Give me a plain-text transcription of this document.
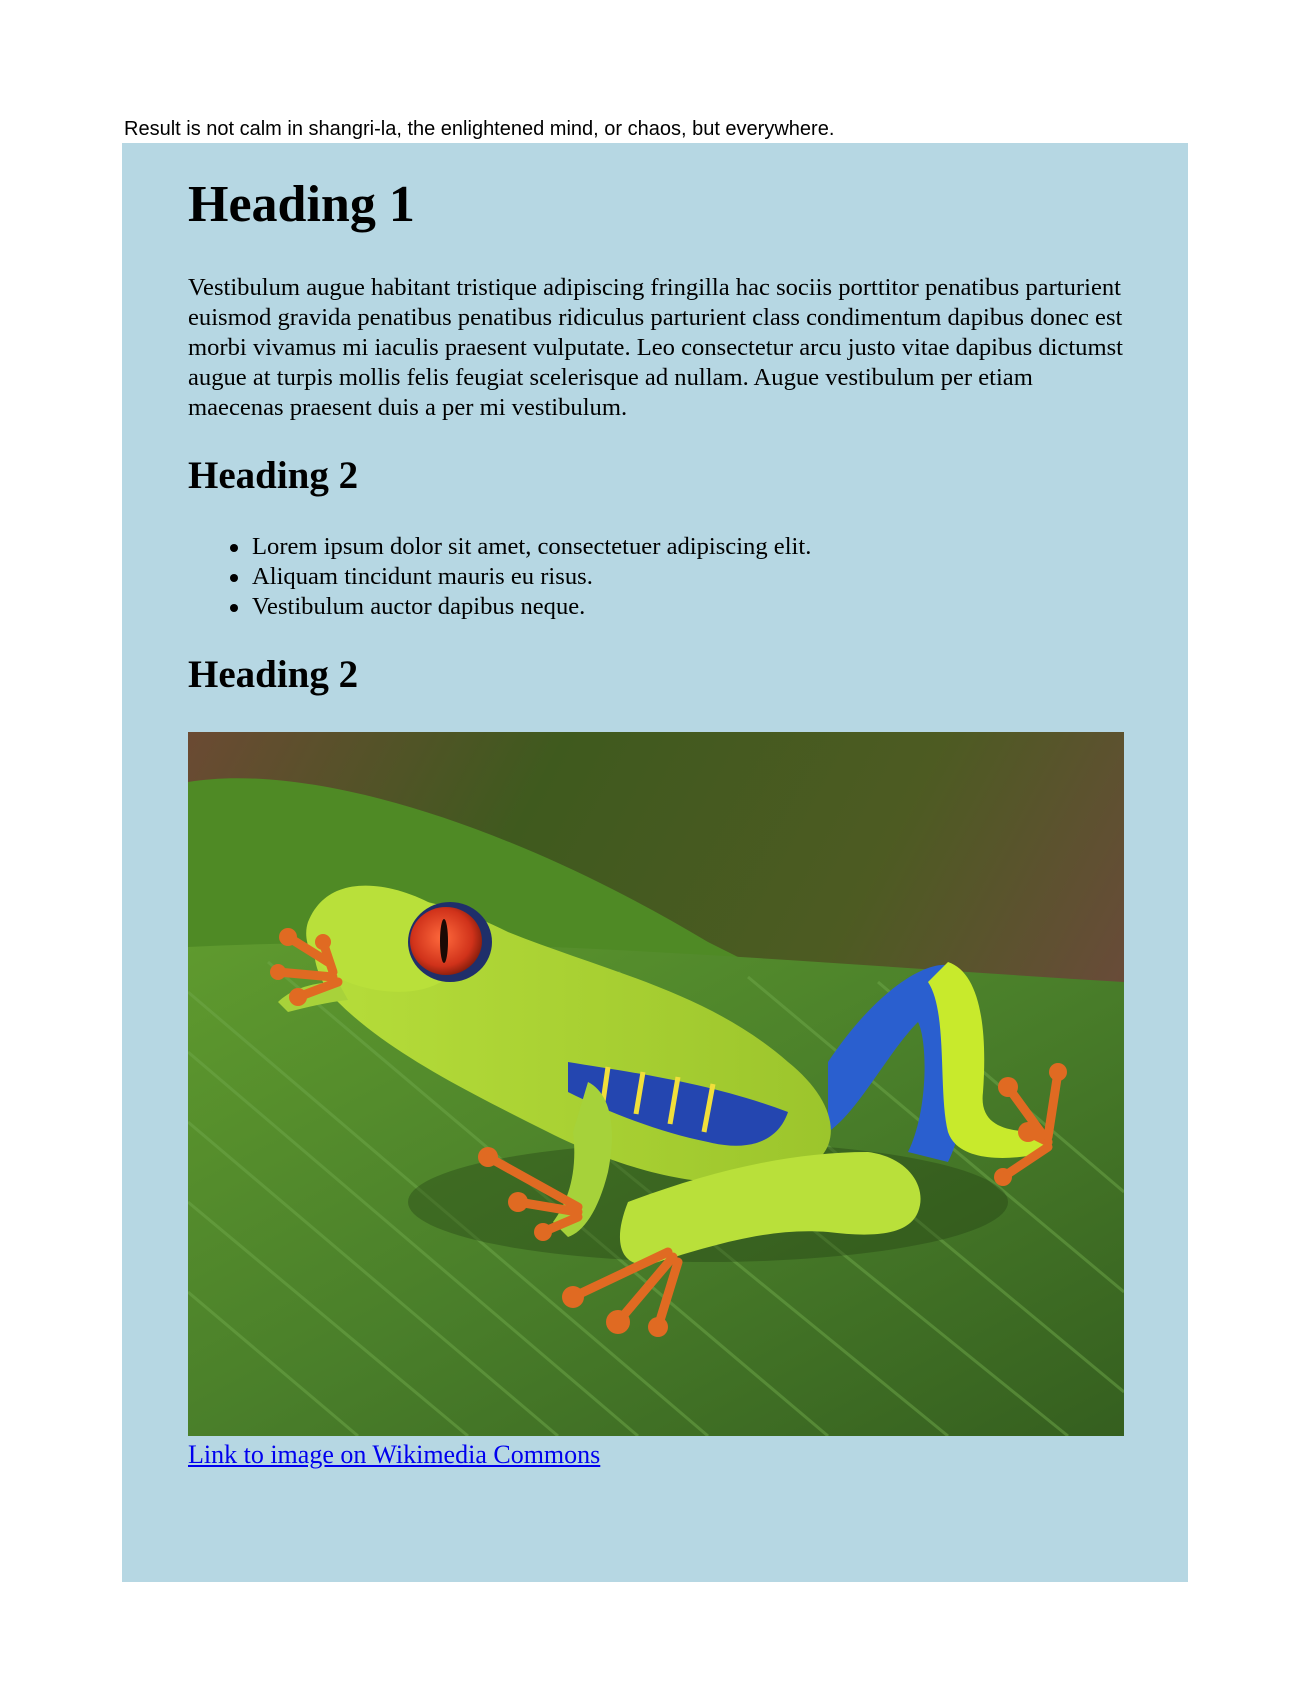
Result is not calm in shangri-la, the enlightened mind, or chaos, but everywhere.
Heading 1

Vestibulum augue habitant tristique adipiscing fringilla hac sociis porttitor penatibus parturient euismod gravida penatibus penatibus ridiculus parturient class condimentum dapibus donec est morbi vivamus mi iaculis praesent vulputate. Leo consectetur arcu justo vitae dapibus dictumst augue at turpis mollis felis feugiat scelerisque ad nullam. Augue vestibulum per etiam maecenas praesent duis a per mi vestibulum.

Heading 2
Lorem ipsum dolor sit amet, consectetuer adipiscing elit.
Aliquam tincidunt mauris eu risus.
Vestibulum auctor dapibus neque.
Heading 2
Link to image on Wikimedia Commons
